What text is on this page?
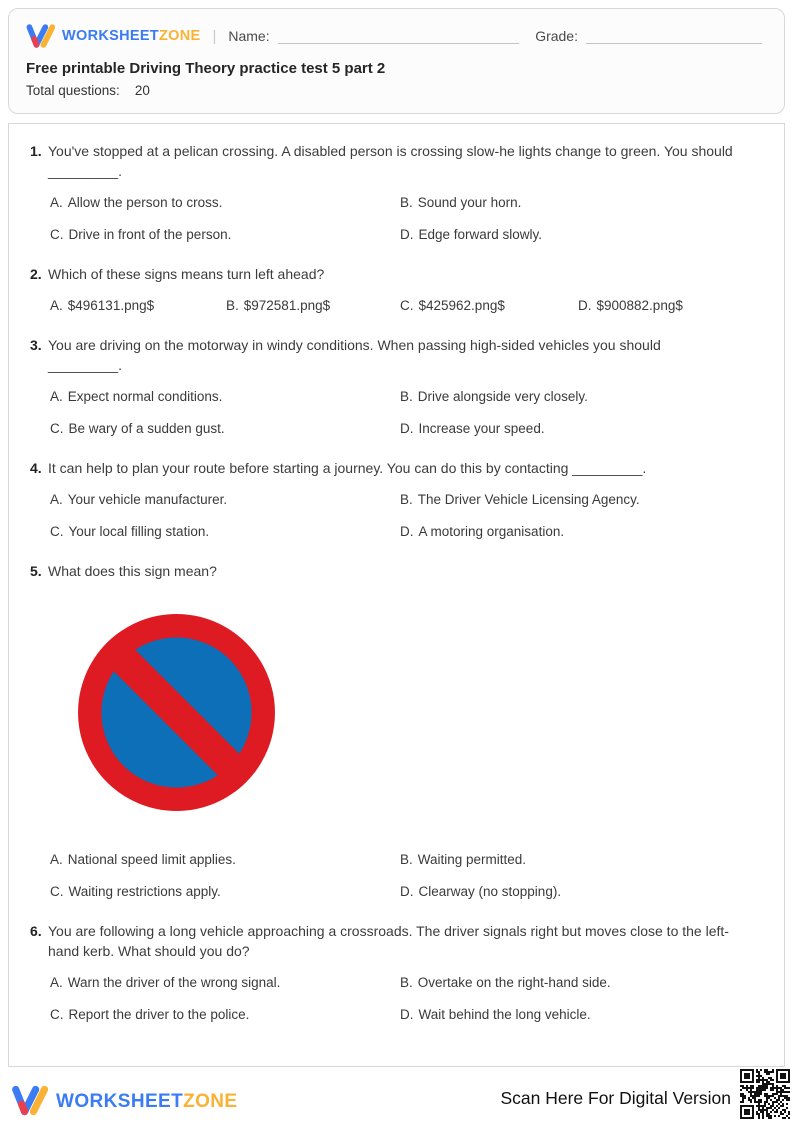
WORKSHEETZONE | Name:	Grade:
Free printable Driving Theory practice test 5 part 2
Total questions: 20
1. You've stopped at a pelican crossing. A disabled person is crossing slow-he lights change to green. You should _________.
A. Allow the person to cross.	B. Sound your horn.
C. Drive in front of the person.	D. Edge forward slowly.
2. Which of these signs means turn left ahead?
A. $496131.png$	B. $972581.png$	C. $425962.png$	D. $900882.png$
3. You are driving on the motorway in windy conditions. When passing high-sided vehicles you should _________.
A. Expect normal conditions.	B. Drive alongside very closely.
C. Be wary of a sudden gust.	D. Increase your speed.
4. It can help to plan your route before starting a journey. You can do this by contacting _________.
A. Your vehicle manufacturer.	B. The Driver Vehicle Licensing Agency.
C. Your local filling station.	D. A motoring organisation.
5. What does this sign mean?
A. National speed limit applies.	B. Waiting permitted.
C. Waiting restrictions apply.	D. Clearway (no stopping).
6. You are following a long vehicle approaching a crossroads. The driver signals right but moves close to the left-hand kerb. What should you do?
A. Warn the driver of the wrong signal.	B. Overtake on the right-hand side.
C. Report the driver to the police.	D. Wait behind the long vehicle.
WORKSHEETZONE	Scan Here For Digital Version
